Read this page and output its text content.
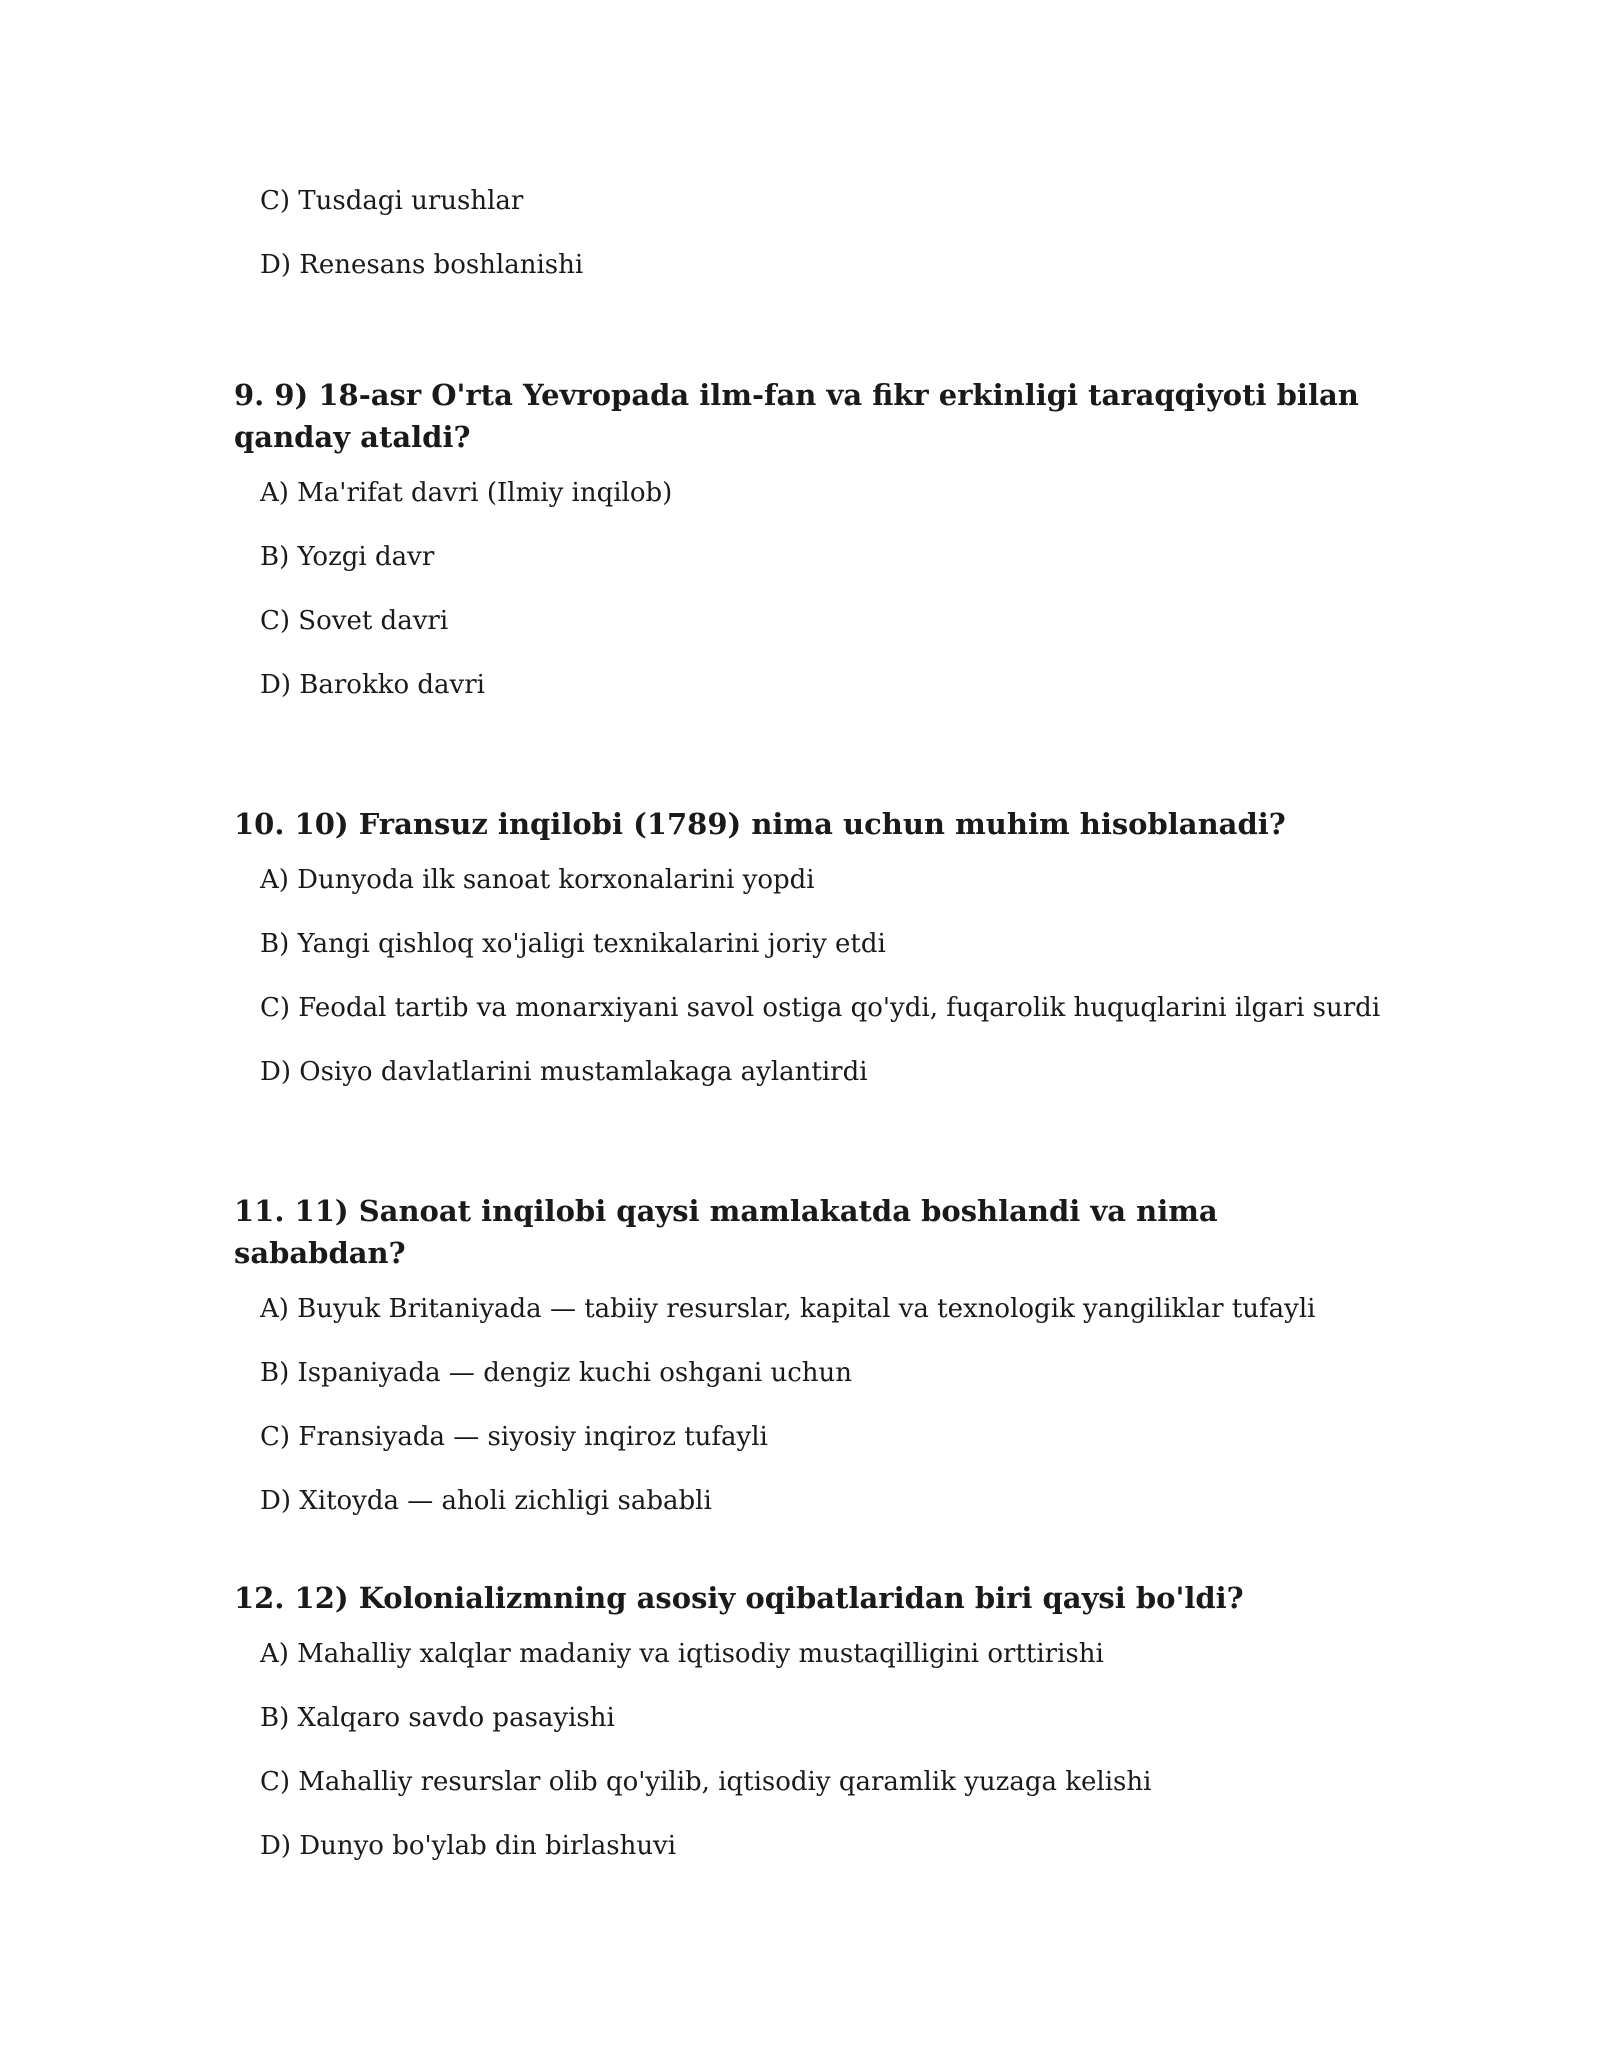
C) Tusdagi urushlar
D) Renesans boshlanishi
9. 9) 18-asr O'rta Yevropada ilm-fan va fikr erkinligi taraqqiyoti bilan qanday ataldi?
A) Ma'rifat davri (Ilmiy inqilob)
B) Yozgi davr
C) Sovet davri
D) Barokko davri
10. 10) Fransuz inqilobi (1789) nima uchun muhim hisoblanadi?
A) Dunyoda ilk sanoat korxonalarini yopdi
B) Yangi qishloq xo'jaligi texnikalarini joriy etdi
C) Feodal tartib va monarxiyani savol ostiga qo'ydi, fuqarolik huquqlarini ilgari surdi
D) Osiyo davlatlarini mustamlakaga aylantirdi
11. 11) Sanoat inqilobi qaysi mamlakatda boshlandi va nima sababdan?
A) Buyuk Britaniyada — tabiiy resurslar, kapital va texnologik yangiliklar tufayli
B) Ispaniyada — dengiz kuchi oshgani uchun
C) Fransiyada — siyosiy inqiroz tufayli
D) Xitoyda — aholi zichligi sababli
12. 12) Kolonializmning asosiy oqibatlaridan biri qaysi bo'ldi?
A) Mahalliy xalqlar madaniy va iqtisodiy mustaqilligini orttirishi
B) Xalqaro savdo pasayishi
C) Mahalliy resurslar olib qo'yilib, iqtisodiy qaramlik yuzaga kelishi
D) Dunyo bo'ylab din birlashuvi
